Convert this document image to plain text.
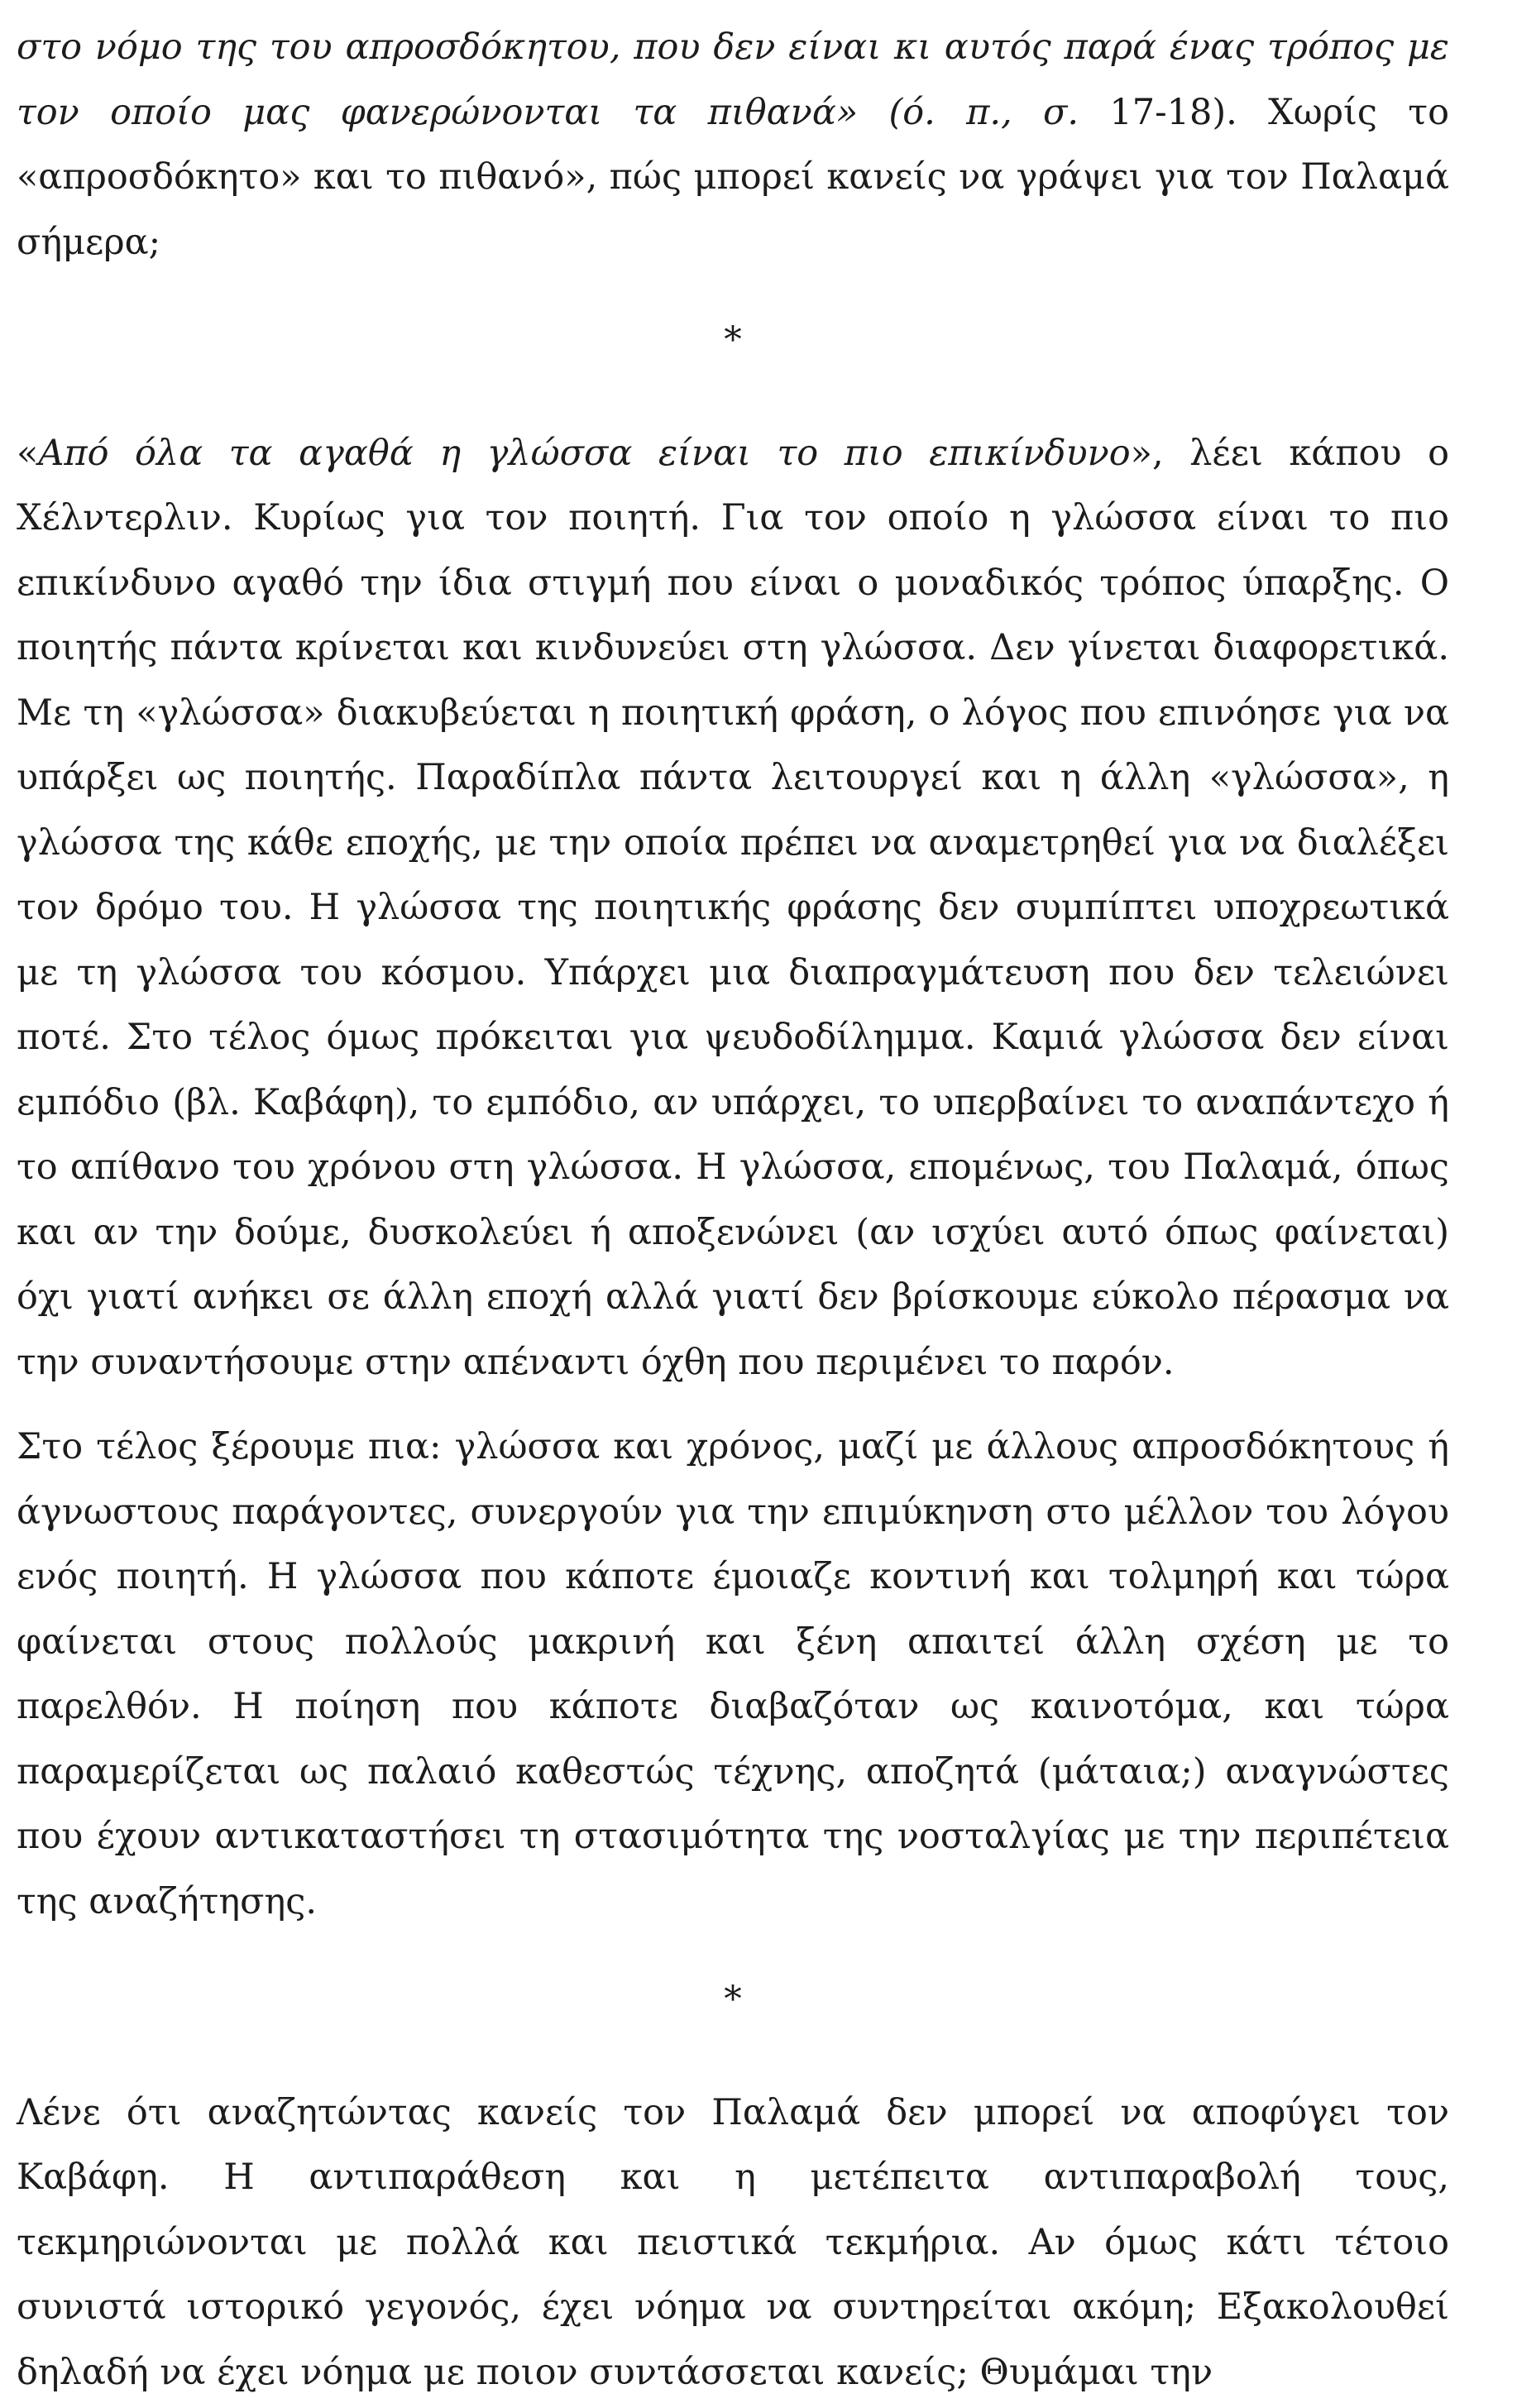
στο νόμο της του απροσδόκητου, που δεν είναι κι αυτός παρά ένας τρόπος με τον οποίο μας φανερώνονται τα πιθανά» (ό. π., σ. 17-18). Χωρίς το «απροσδόκητο» και το πιθανό», πώς μπορεί κανείς να γράψει για τον Παλαμά σήμερα;

*

«Από όλα τα αγαθά η γλώσσα είναι το πιο επικίνδυνο», λέει κάπου ο Χέλντερλιν. Κυρίως για τον ποιητή. Για τον οποίο η γλώσσα είναι το πιο επικίνδυνο αγαθό την ίδια στιγμή που είναι ο μοναδικός τρόπος ύπαρξης. Ο ποιητής πάντα κρίνεται και κινδυνεύει στη γλώσσα. Δεν γίνεται διαφορετικά. Με τη «γλώσσα» διακυβεύεται η ποιητική φράση, ο λόγος που επινόησε για να υπάρξει ως ποιητής. Παραδίπλα πάντα λειτουργεί και η άλλη «γλώσσα», η γλώσσα της κάθε εποχής, με την οποία πρέπει να αναμετρηθεί για να διαλέξει τον δρόμο του. Η γλώσσα της ποιητικής φράσης δεν συμπίπτει υποχρεωτικά με τη γλώσσα του κόσμου. Υπάρχει μια διαπραγμάτευση που δεν τελειώνει ποτέ. Στο τέλος όμως πρόκειται για ψευδοδίλημμα. Καμιά γλώσσα δεν είναι εμπόδιο (βλ. Καβάφη), το εμπόδιο, αν υπάρχει, το υπερβαίνει το αναπάντεχο ή το απίθανο του χρόνου στη γλώσσα. Η γλώσσα, επομένως, του Παλαμά, όπως και αν την δούμε, δυσκολεύει ή αποξενώνει (αν ισχύει αυτό όπως φαίνεται) όχι γιατί ανήκει σε άλλη εποχή αλλά γιατί δεν βρίσκουμε εύκολο πέρασμα να την συναντήσουμε στην απέναντι όχθη που περιμένει το παρόν.

Στο τέλος ξέρουμε πια: γλώσσα και χρόνος, μαζί με άλλους απροσδόκητους ή άγνωστους παράγοντες, συνεργούν για την επιμύκηνση στο μέλλον του λόγου ενός ποιητή. Η γλώσσα που κάποτε έμοιαζε κοντινή και τολμηρή και τώρα φαίνεται στους πολλούς μακρινή και ξένη απαιτεί άλλη σχέση με το παρελθόν. Η ποίηση που κάποτε διαβαζόταν ως καινοτόμα, και τώρα παραμερίζεται ως παλαιό καθεστώς τέχνης, αποζητά (μάταια;) αναγνώστες που έχουν αντικαταστήσει τη στασιμότητα της νοσταλγίας με την περιπέτεια της αναζήτησης.

*

Λένε ότι αναζητώντας κανείς τον Παλαμά δεν μπορεί να αποφύγει τον Καβάφη. Η αντιπαράθεση και η μετέπειτα αντιπαραβολή τους, τεκμηριώνονται με πολλά και πειστικά τεκμήρια. Αν όμως κάτι τέτοιο συνιστά ιστορικό γεγονός, έχει νόημα να συντηρείται ακόμη; Εξακολουθεί δηλαδή να έχει νόημα με ποιον συντάσσεται κανείς; Θυμάμαι την
